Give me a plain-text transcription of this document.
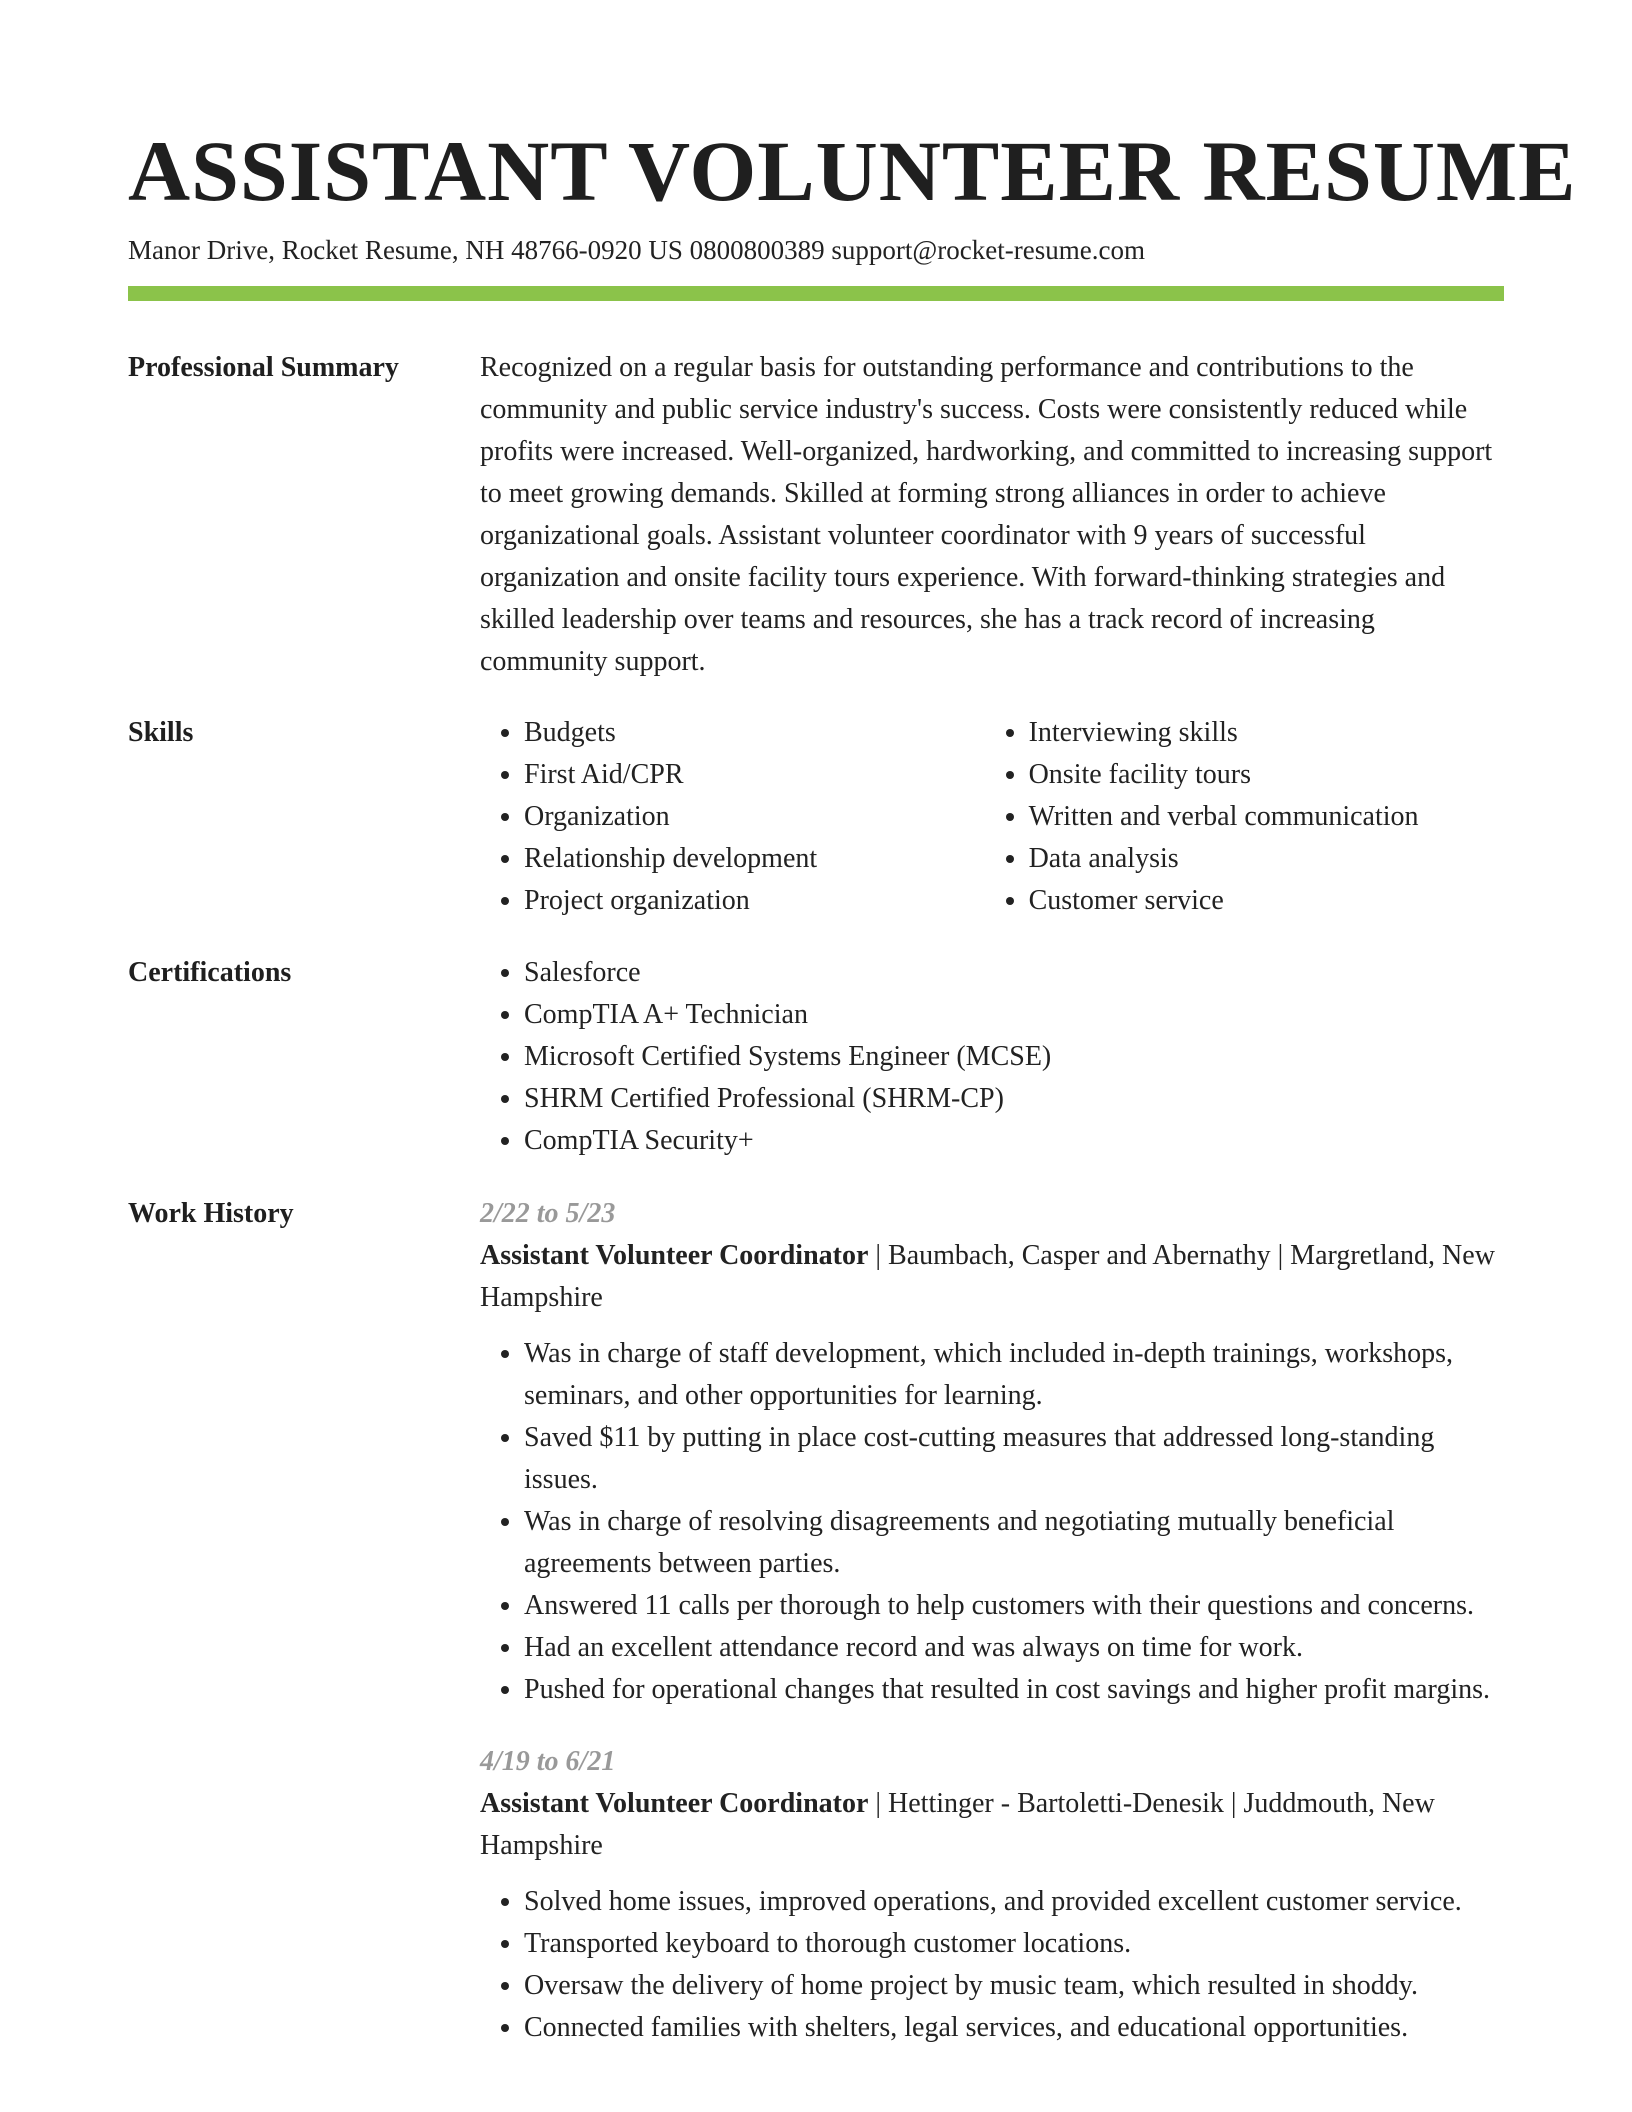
ASSISTANT VOLUNTEER RESUME
Manor Drive, Rocket Resume, NH 48766-0920 US 0800800389 support@rocket-resume.com
Professional Summary	Recognized on a regular basis for outstanding performance and contributions to the community and public service industry's success. Costs were consistently reduced while profits were increased. Well-organized, hardworking, and committed to increasing support to meet growing demands. Skilled at forming strong alliances in order to achieve organizational goals. Assistant volunteer coordinator with 9 years of successful organization and onsite facility tours experience. With forward-thinking strategies and skilled leadership over teams and resources, she has a track record of increasing community support.

Skills	• Budgets
• First Aid/CPR
• Organization
• Relationship development
• Project organization
• Interviewing skills
• Onsite facility tours
• Written and verbal communication
• Data analysis
• Customer service
Certifications	• Salesforce
• CompTIA A+ Technician
• Microsoft Certified Systems Engineer (MCSE)
• SHRM Certified Professional (SHRM-CP)
• CompTIA Security+
Work History	2/22 to 5/23
Assistant Volunteer Coordinator | Baumbach, Casper and Abernathy | Margretland, New Hampshire
• Was in charge of staff development, which included in-depth trainings, workshops, seminars, and other opportunities for learning.
• Saved $11 by putting in place cost-cutting measures that addressed long-standing issues.
• Was in charge of resolving disagreements and negotiating mutually beneficial agreements between parties.
• Answered 11 calls per thorough to help customers with their questions and concerns.
• Had an excellent attendance record and was always on time for work.
• Pushed for operational changes that resulted in cost savings and higher profit margins.
4/19 to 6/21
Assistant Volunteer Coordinator | Hettinger - Bartoletti-Denesik | Juddmouth, New Hampshire
• Solved home issues, improved operations, and provided excellent customer service.
• Transported keyboard to thorough customer locations.
• Oversaw the delivery of home project by music team, which resulted in shoddy.
• Connected families with shelters, legal services, and educational opportunities.
